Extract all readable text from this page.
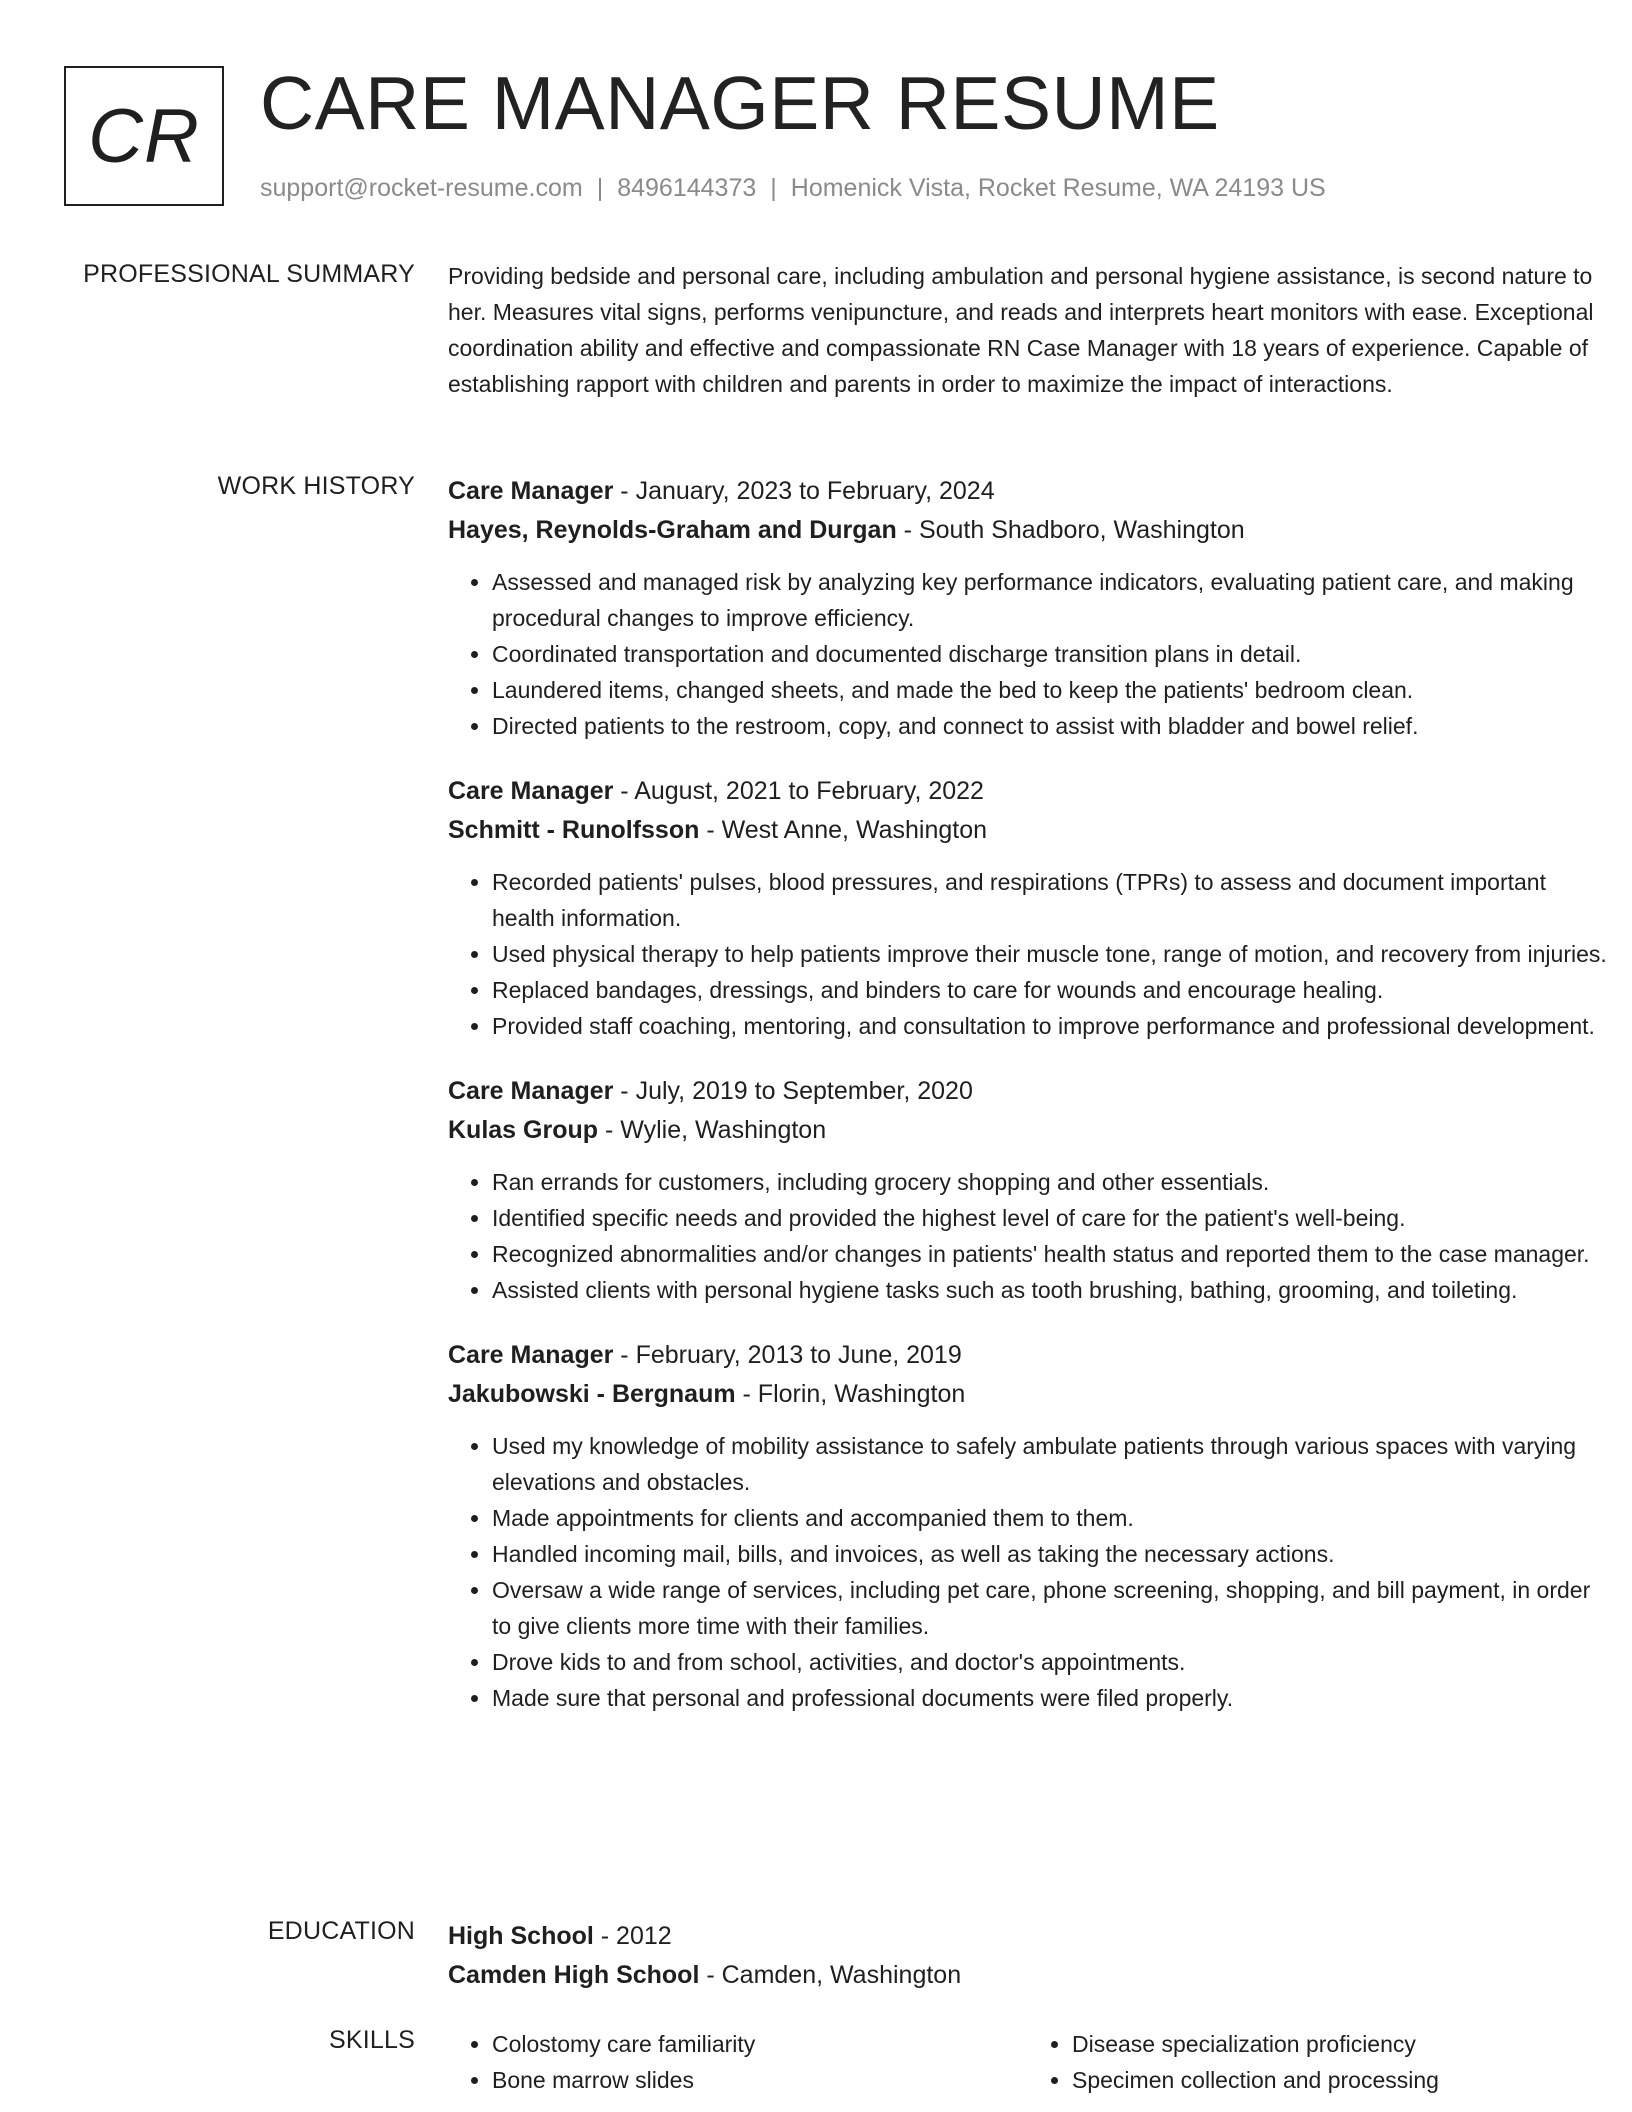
CR CARE MANAGER RESUME
support@rocket-resume.com | 8496144373 | Homenick Vista, Rocket Resume, WA 24193 US
PROFESSIONAL SUMMARY Providing bedside and personal care, including ambulation and personal hygiene assistance, is second nature to her. Measures vital signs, performs venipuncture, and reads and interprets heart monitors with ease. Exceptional coordination ability and effective and compassionate RN Case Manager with 18 years of experience. Capable of establishing rapport with children and parents in order to maximize the impact of interactions.

WORK HISTORY Care Manager - January, 2023 to February, 2024
Hayes, Reynolds-Graham and Durgan - South Shadboro, Washington
• Assessed and managed risk by analyzing key performance indicators, evaluating patient care, and making procedural changes to improve efficiency.
• Coordinated transportation and documented discharge transition plans in detail.
• Laundered items, changed sheets, and made the bed to keep the patients' bedroom clean.
• Directed patients to the restroom, copy, and connect to assist with bladder and bowel relief.
Care Manager - August, 2021 to February, 2022
Schmitt - Runolfsson - West Anne, Washington
• Recorded patients' pulses, blood pressures, and respirations (TPRs) to assess and document important health information.
• Used physical therapy to help patients improve their muscle tone, range of motion, and recovery from injuries.
• Replaced bandages, dressings, and binders to care for wounds and encourage healing.
• Provided staff coaching, mentoring, and consultation to improve performance and professional development.
Care Manager - July, 2019 to September, 2020
Kulas Group - Wylie, Washington
• Ran errands for customers, including grocery shopping and other essentials.
• Identified specific needs and provided the highest level of care for the patient's well-being.
• Recognized abnormalities and/or changes in patients' health status and reported them to the case manager.
• Assisted clients with personal hygiene tasks such as tooth brushing, bathing, grooming, and toileting.
Care Manager - February, 2013 to June, 2019
Jakubowski - Bergnaum - Florin, Washington
• Used my knowledge of mobility assistance to safely ambulate patients through various spaces with varying elevations and obstacles.
• Made appointments for clients and accompanied them to them.
• Handled incoming mail, bills, and invoices, as well as taking the necessary actions.
• Oversaw a wide range of services, including pet care, phone screening, shopping, and bill payment, in order to give clients more time with their families.
• Drove kids to and from school, activities, and doctor's appointments.
• Made sure that personal and professional documents were filed properly.
EDUCATION High School - 2012
Camden High School - Camden, Washington
SKILLS
•	Colostomy care familiarity
• Bone marrow slides
• Disease specialization proficiency
• Specimen collection and processing
